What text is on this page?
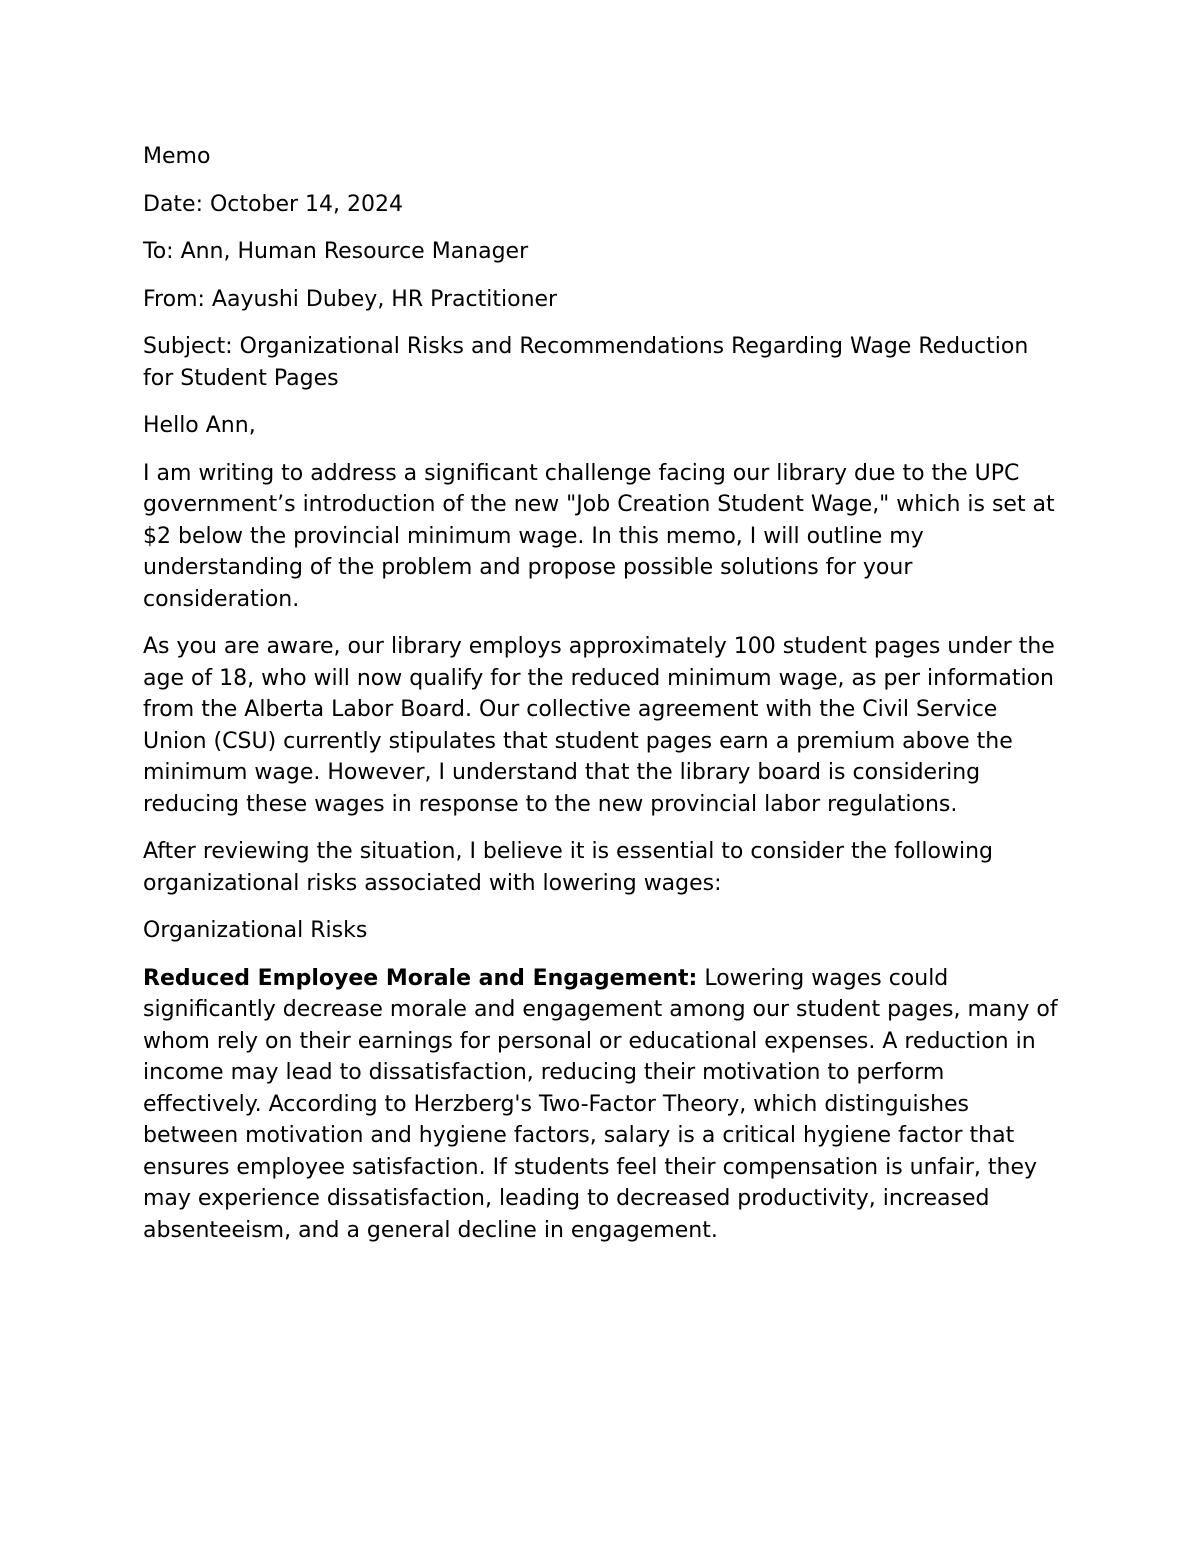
Memo

Date: October 14, 2024

To: Ann, Human Resource Manager

From: Aayushi Dubey, HR Practitioner

Subject: Organizational Risks and Recommendations Regarding Wage Reduction for Student Pages

Hello Ann,

I am writing to address a significant challenge facing our library due to the UPC government’s introduction of the new "Job Creation Student Wage," which is set at $2 below the provincial minimum wage. In this memo, I will outline my understanding of the problem and propose possible solutions for your consideration.

As you are aware, our library employs approximately 100 student pages under the age of 18, who will now qualify for the reduced minimum wage, as per information from the Alberta Labor Board. Our collective agreement with the Civil Service Union (CSU) currently stipulates that student pages earn a premium above the minimum wage. However, I understand that the library board is considering reducing these wages in response to the new provincial labor regulations.

After reviewing the situation, I believe it is essential to consider the following organizational risks associated with lowering wages:

Organizational Risks

Reduced Employee Morale and Engagement: Lowering wages could significantly decrease morale and engagement among our student pages, many of whom rely on their earnings for personal or educational expenses. A reduction in income may lead to dissatisfaction, reducing their motivation to perform effectively. According to Herzberg's Two-Factor Theory, which distinguishes between motivation and hygiene factors, salary is a critical hygiene factor that ensures employee satisfaction. If students feel their compensation is unfair, they may experience dissatisfaction, leading to decreased productivity, increased absenteeism, and a general decline in engagement.
